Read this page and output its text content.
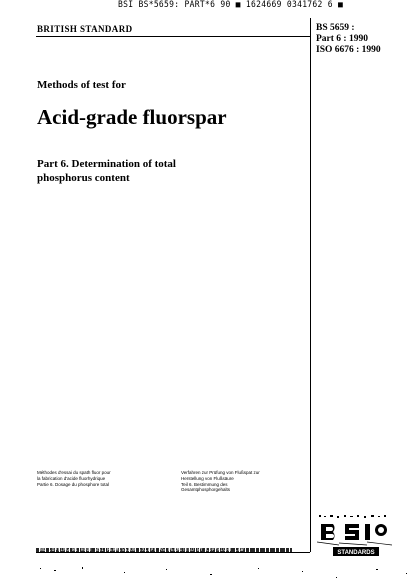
BSI BS*5659: PART*6 90 ■ 1624669 0341762 6 ■
BRITISH STANDARD	BS 5659 :
Part 6 : 1990
ISO 6676 : 1990
Methods of test for
Acid-grade fluorspar
Part 6. Determination of total
phosphorus content
Méthodes d'essai du spath fluor pour
la fabrication d'acide fluorhydrique
Partie 6. Dosage du phosphore total
Verfahren zur Prüfung von Flußspat zur
Herstellung von Flußsäure
Teil 6. Bestimmung des
Gesamtphosphorgehalts
NO COPYING WITHOUT BSI PERMISSION EXCEPT AS PERMITTED BY COPYRIGHT LAW	STANDARDS
